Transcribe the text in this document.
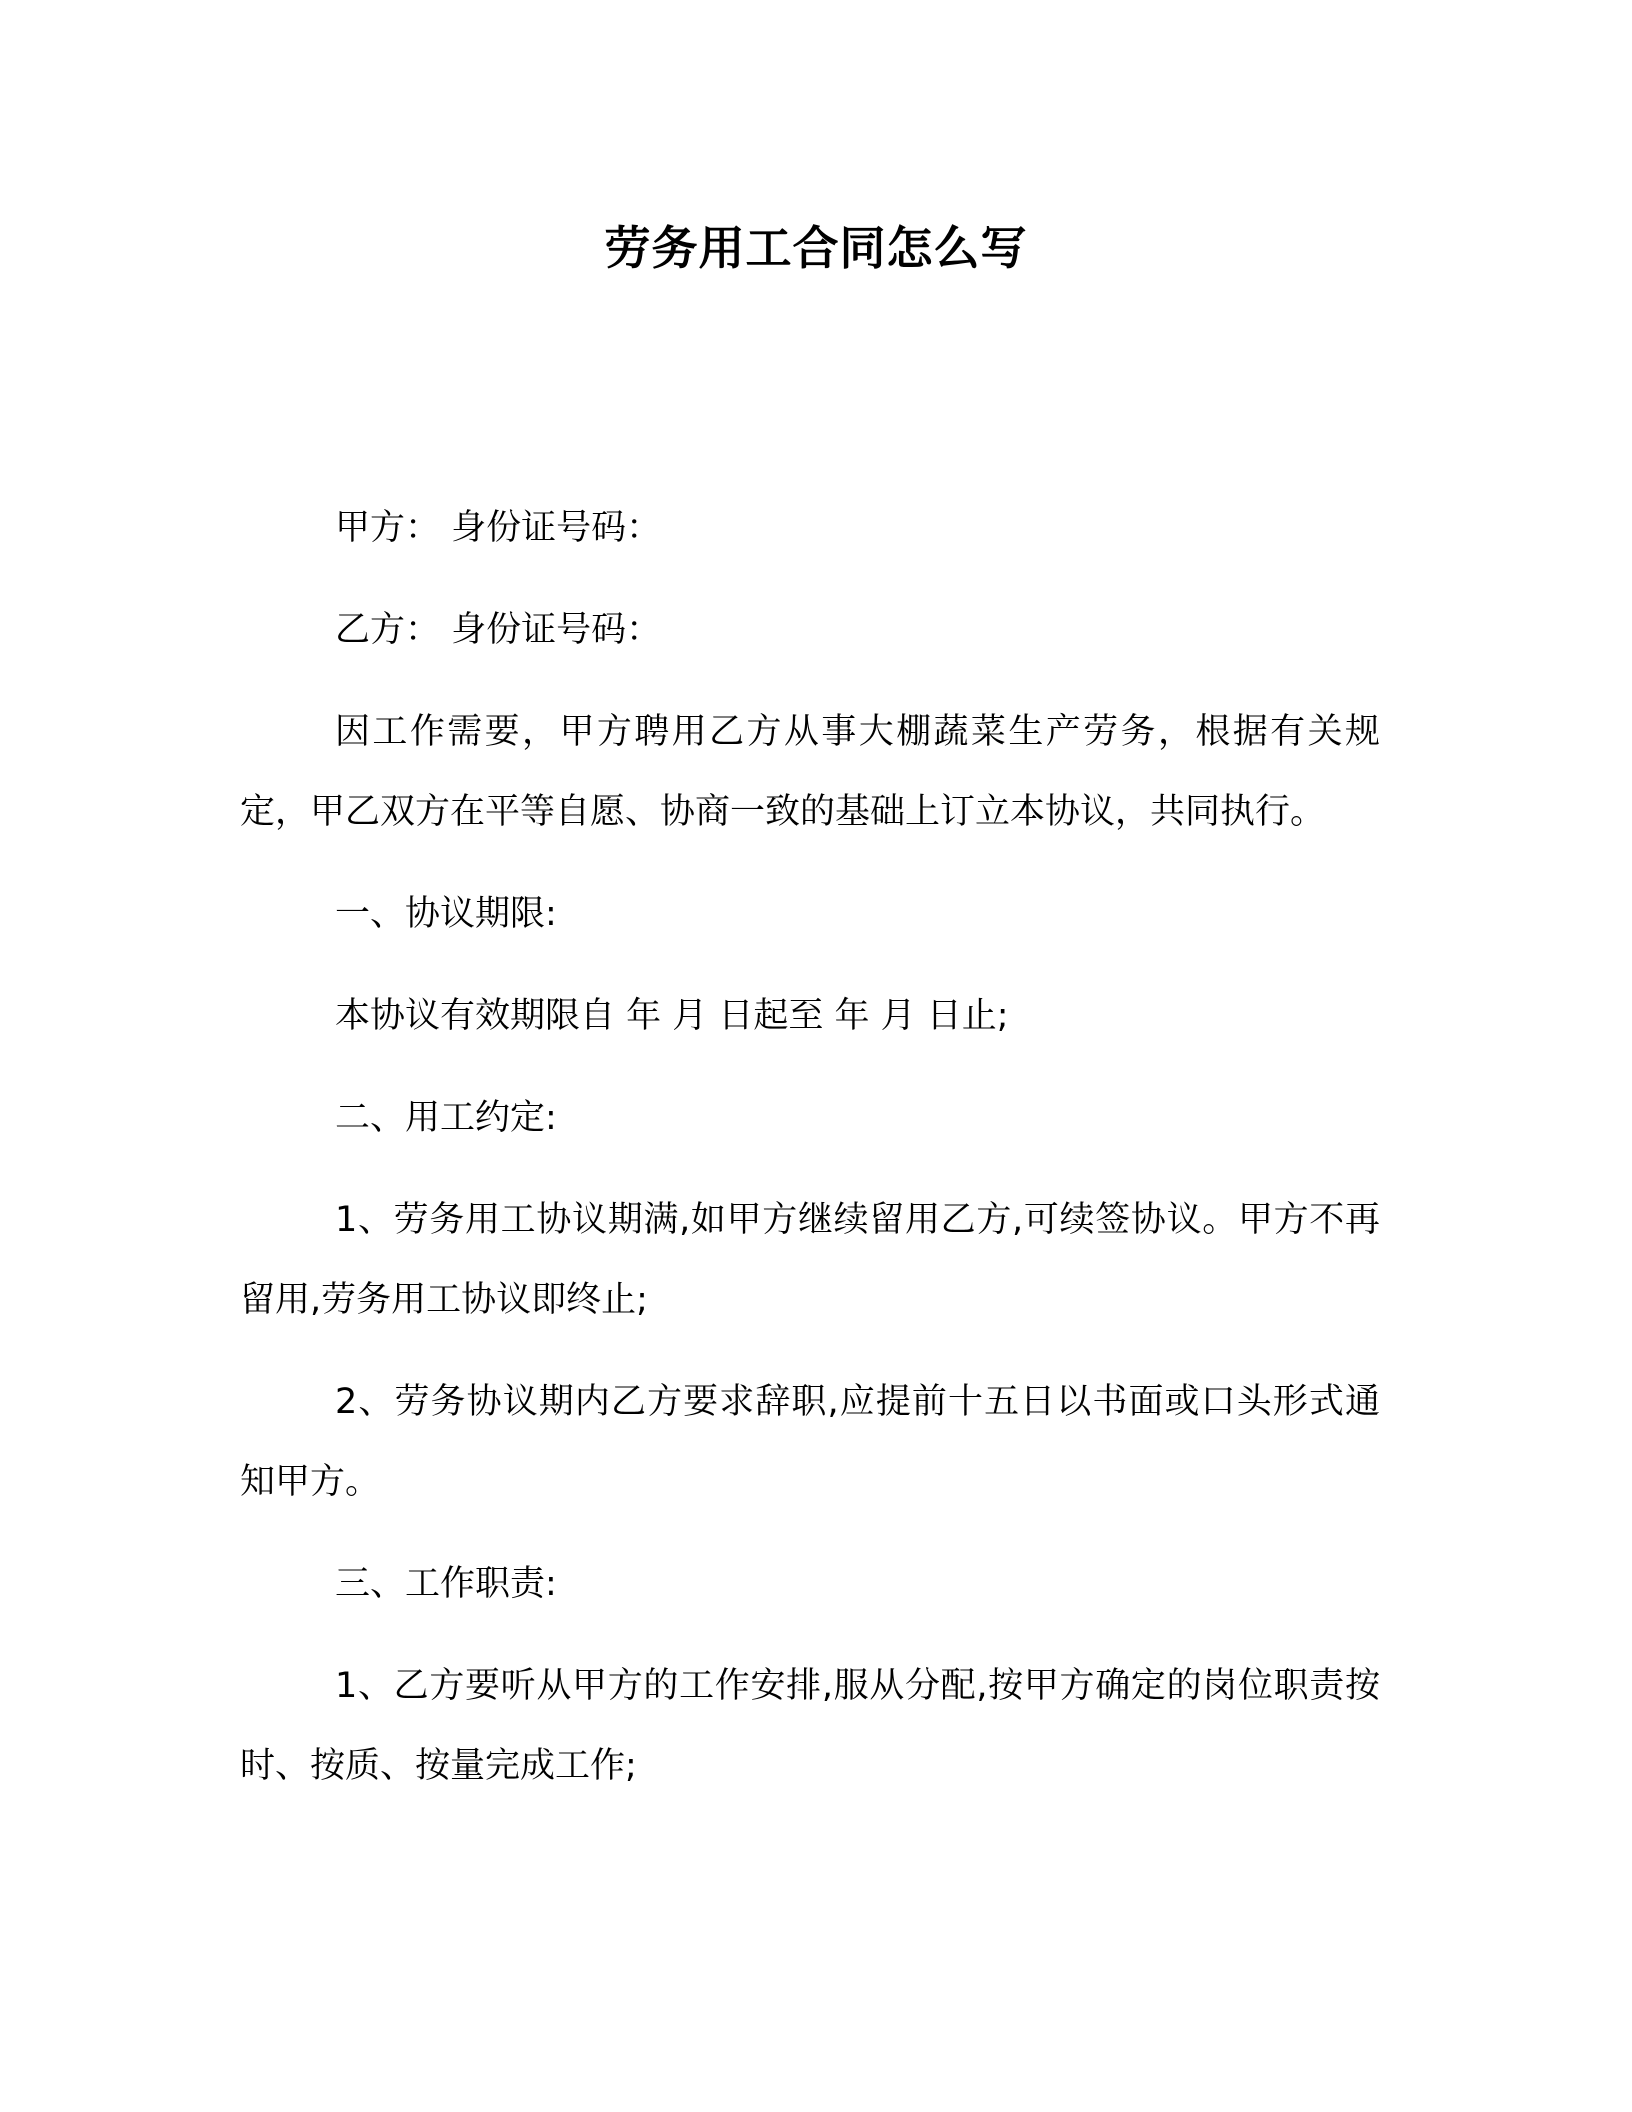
劳务用工合同怎么写

甲方： 身份证号码：

乙方： 身份证号码：

因工作需要，甲方聘用乙方从事大棚蔬菜生产劳务，根据有关规定，甲乙双方在平等自愿、协商一致的基础上订立本协议，共同执行。

一、协议期限:

本协议有效期限自 年 月 日起至 年 月 日止;

二、用工约定:

1、劳务用工协议期满,如甲方继续留用乙方,可续签协议。甲方不再留用,劳务用工协议即终止;

2、劳务协议期内乙方要求辞职,应提前十五日以书面或口头形式通知甲方。

三、工作职责:

1、乙方要听从甲方的工作安排,服从分配,按甲方确定的岗位职责按时、按质、按量完成工作;
